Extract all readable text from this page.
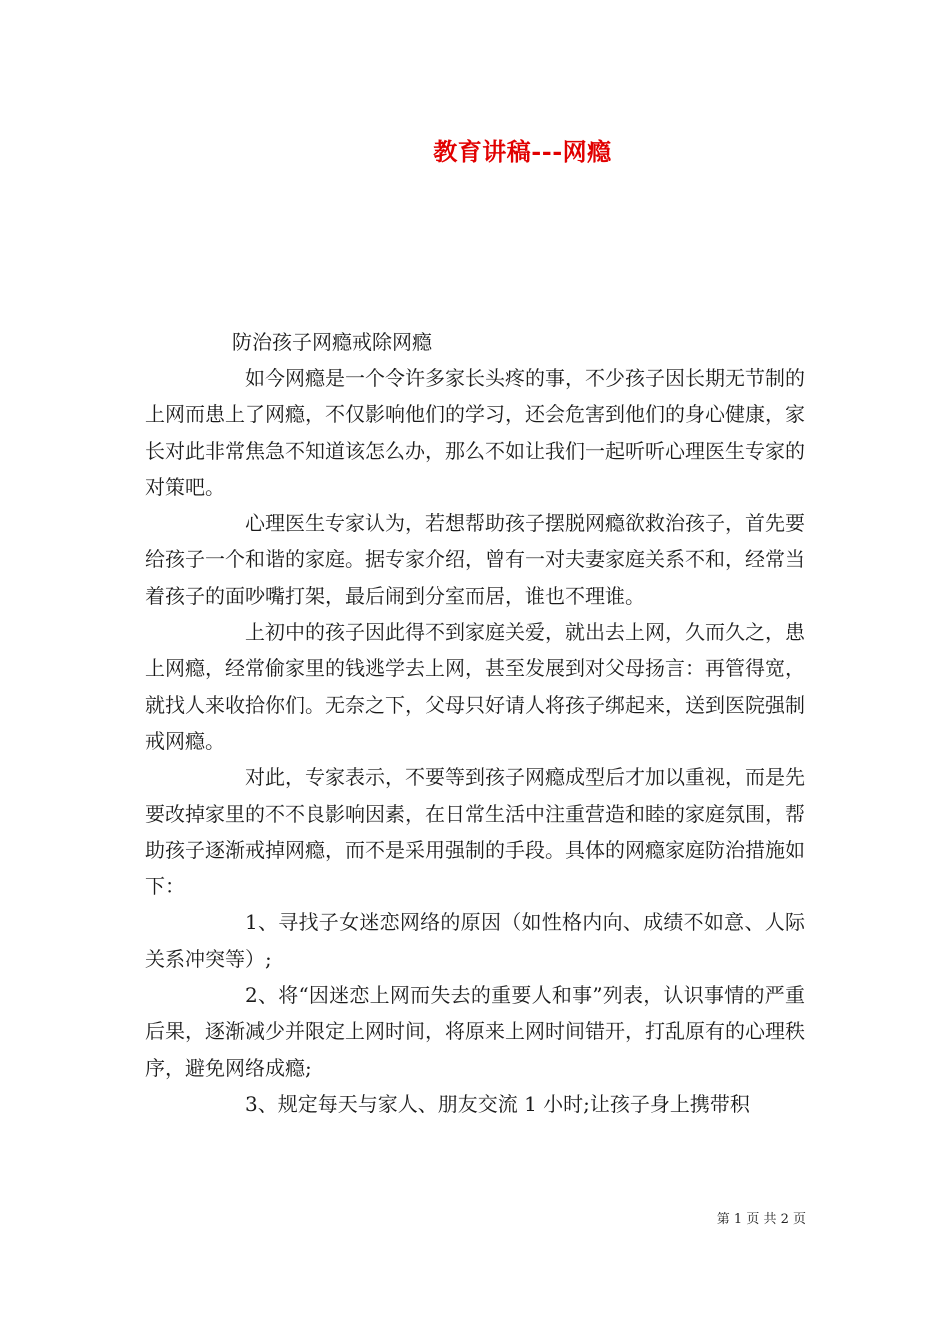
教育讲稿---网瘾
防治孩子网瘾戒除网瘾

如今网瘾是一个令许多家长头疼的事，不少孩子因长期无节制的上网而患上了网瘾，不仅影响他们的学习，还会危害到他们的身心健康，家长对此非常焦急不知道该怎么办，那么不如让我们一起听听心理医生专家的对策吧。

心理医生专家认为，若想帮助孩子摆脱网瘾欲救治孩子，首先要给孩子一个和谐的家庭。据专家介绍，曾有一对夫妻家庭关系不和，经常当着孩子的面吵嘴打架，最后闹到分室而居，谁也不理谁。

上初中的孩子因此得不到家庭关爱，就出去上网，久而久之，患上网瘾，经常偷家里的钱逃学去上网，甚至发展到对父母扬言：再管得宽，就找人来收拾你们。无奈之下，父母只好请人将孩子绑起来，送到医院强制戒网瘾。

对此，专家表示，不要等到孩子网瘾成型后才加以重视，而是先要改掉家里的不不良影响因素，在日常生活中注重营造和睦的家庭氛围，帮助孩子逐渐戒掉网瘾，而不是采用强制的手段。具体的网瘾家庭防治措施如下：

1、寻找子女迷恋网络的原因（如性格内向、成绩不如意、人际关系冲突等）;

2、将“因迷恋上网而失去的重要人和事”列表，认识事情的严重后果，逐渐减少并限定上网时间，将原来上网时间错开，打乱原有的心理秩序，避免网络成瘾;

3、规定每天与家人、朋友交流 1 小时;让孩子身上携带积

第 1 页 共 2 页
